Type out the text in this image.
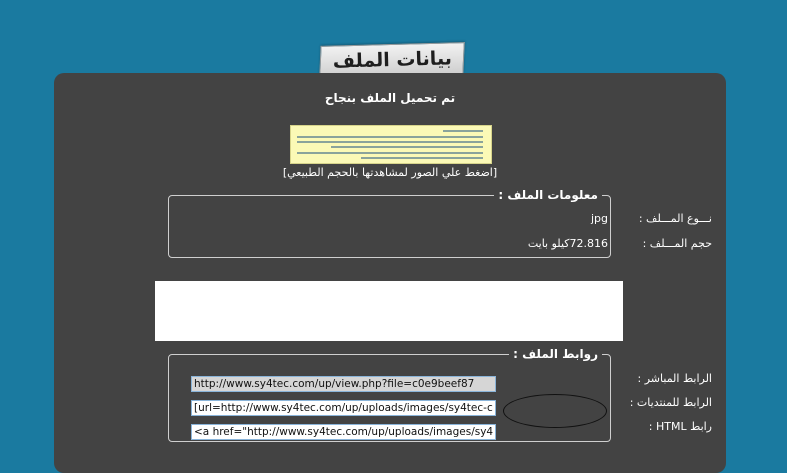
بيانات الملف
تم تحميل الملف بنجاح
[اضغط علي الصور لمشاهدتها بالحجم الطبيعي]
معلومات الملف :
نـــوع المـــلف :
jpg
حجم المـــلف :
72.816كيلو بايت
روابط الملف :
http://www.sy4tec.com/up/view.php?file=c0e9beef87
[url=http://www.sy4tec.com/up/uploads/images/sy4tec-c0e9b
<a href="http://www.sy4tec.com/up/uploads/images/sy4tec-c
الرابط المباشر :
الرابط للمنتديات :
رابط HTML :
